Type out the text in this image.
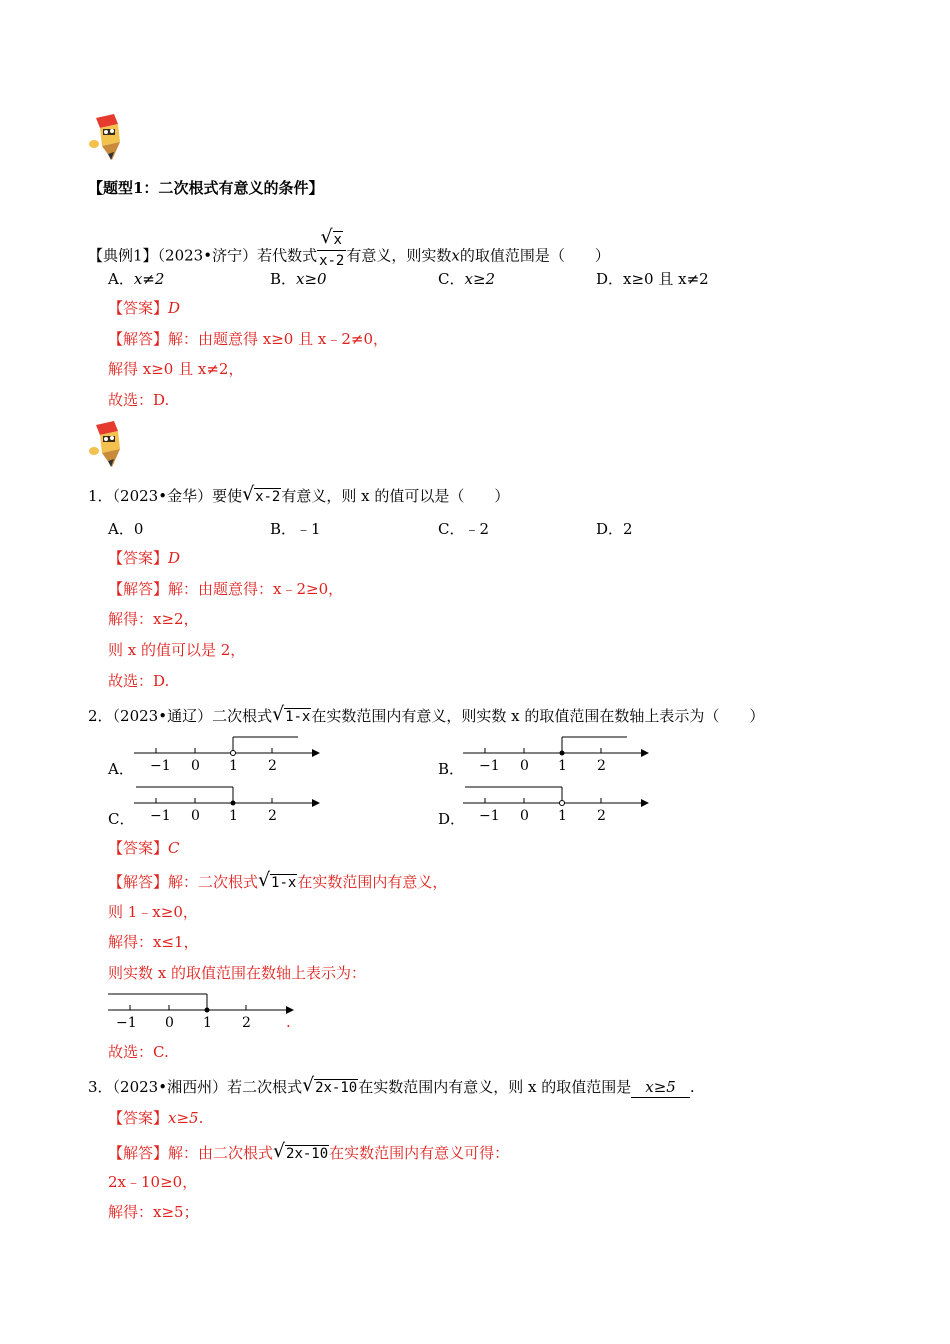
【题型1：二次根式有意义的条件】
【典例1】（2023•济宁）若代数式 √ $\frac{x}{x-2}$ 有意义，则实数x的取值范围是（　　）
A．x≠2	B．x≥0	C．x≥2	D．x≥0 且 x≠2
【答案】D
【解答】解：由题意得 x≥0 且 x﹣2≠0，
解得 x≥0 且 x≠2，
故选：D.
1．（2023•金华）要使 √ x-2有意义，则 x 的值可以是（　　）
A．0	B．﹣1	C．﹣2	D．2
【答案】D
【解答】解：由题意得：x﹣2≥0，
解得：x≥2，
则 x 的值可以是 2，
故选：D.
2．（2023•通辽）二次根式 √ 1-x在实数范围内有意义，则实数 x 的取值范围在数轴上表示为（　　）
A． −1 0 1 2	B． −1 0 1 2
C． −1 0 1 2	D． −1 0 1 2
【答案】C
【解答】解：二次根式 √ 1-x在实数范围内有意义，
则 1﹣x≥0，
解得：x≤1，
则实数 x 的取值范围在数轴上表示为：
−1 0 1 2 .
故选：C.
3．（2023•湘西州）若二次根式 √ 2x-10在实数范围内有意义，则 x 的取值范围是 x≥5 .
【答案】x≥5.
【解答】解：由二次根式 √ 2x-10在实数范围内有意义可得：
2x﹣10≥0，
解得：x≥5；
